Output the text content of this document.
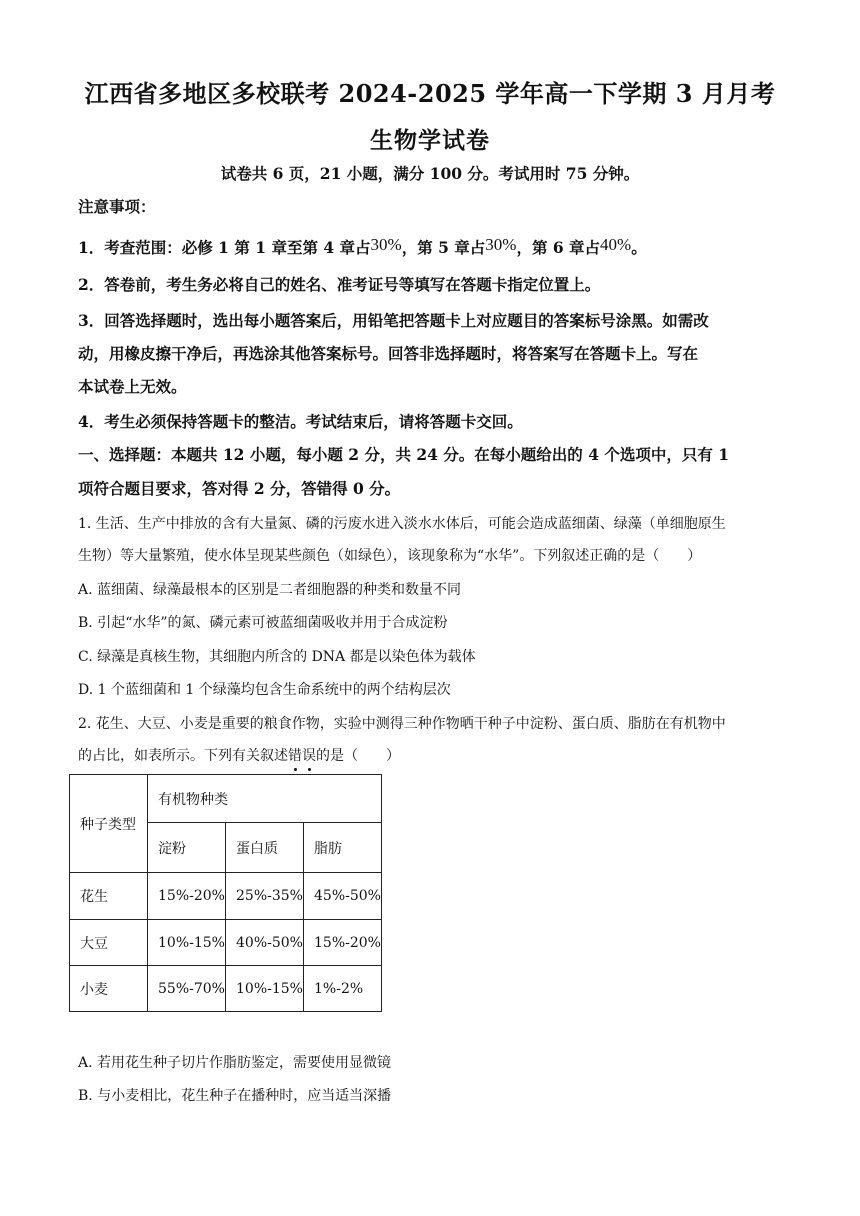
江西省多地区多校联考 2024-2025 学年高一下学期 3 月月考
生物学试卷
试卷共 6 页，21 小题，满分 100 分。考试用时 75 分钟。
注意事项：
1．考查范围：必修 1 第 1 章至第 4 章占30%，第 5 章占30%，第 6 章占40%。
2．答卷前，考生务必将自己的姓名、准考证号等填写在答题卡指定位置上。
3．回答选择题时，选出每小题答案后，用铅笔把答题卡上对应题目的答案标号涂黑。如需改
动，用橡皮擦干净后，再选涂其他答案标号。回答非选择题时，将答案写在答题卡上。写在
本试卷上无效。
4．考生必须保持答题卡的整洁。考试结束后，请将答题卡交回。
一、选择题：本题共 12 小题，每小题 2 分，共 24 分。在每小题给出的 4 个选项中，只有 1
项符合题目要求，答对得 2 分，答错得 0 分。
1. 生活、生产中排放的含有大量氮、磷的污废水进入淡水水体后，可能会造成蓝细菌、绿藻（单细胞原生
生物）等大量繁殖，使水体呈现某些颜色（如绿色），该现象称为“水华”。下列叙述正确的是（　　）
A. 蓝细菌、绿藻最根本的区别是二者细胞器的种类和数量不同
B. 引起“水华”的氮、磷元素可被蓝细菌吸收并用于合成淀粉
C. 绿藻是真核生物，其细胞内所含的 DNA 都是以染色体为载体
D. 1 个蓝细菌和 1 个绿藻均包含生命系统中的两个结构层次
2. 花生、大豆、小麦是重要的粮食作物，实验中测得三种作物晒干种子中淀粉、蛋白质、脂肪在有机物中
的占比，如表所示。下列有关叙述错
误
的是（　　）
种子类型	有机物种类		
	淀粉	蛋白质	脂肪
花生	15%-20%	25%-35%	45%-50%
大豆	10%-15%	40%-50%	15%-20%
小麦	55%-70%	10%-15%	1%-2%
A. 若用花生种子切片作脂肪鉴定，需要使用显微镜
B. 与小麦相比，花生种子在播种时，应当适当深播
